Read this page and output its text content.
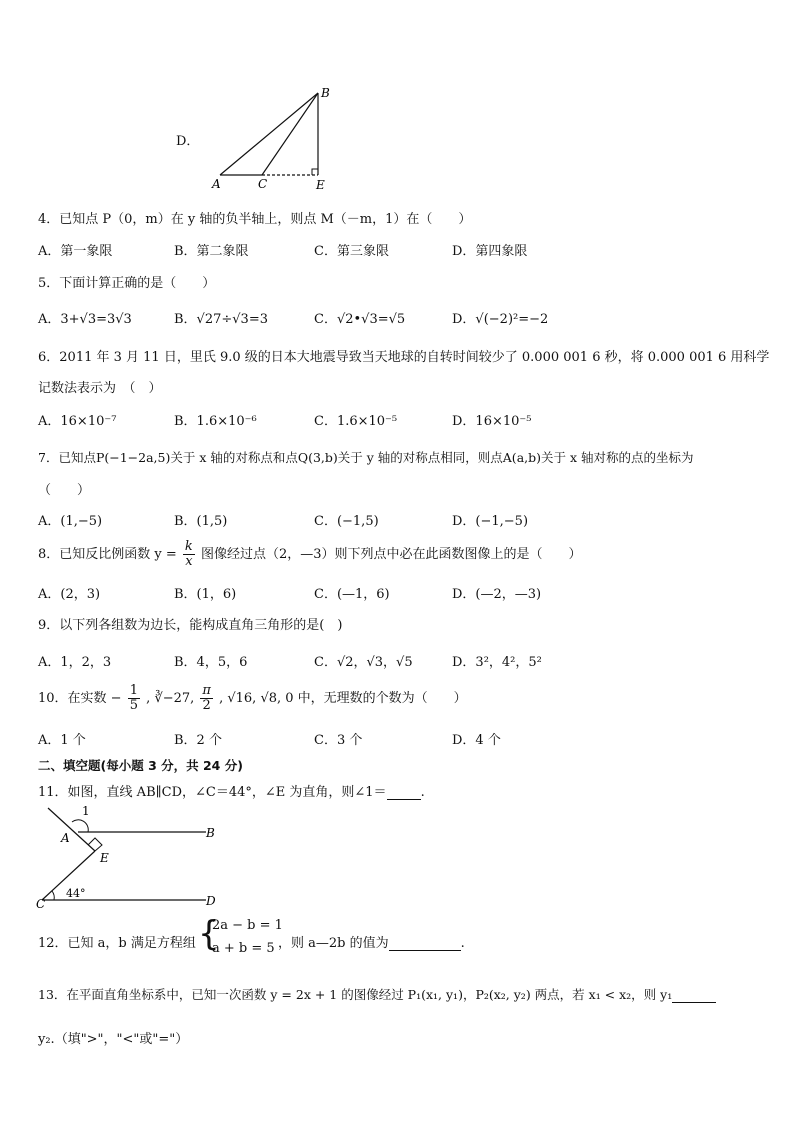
D．
A	C	E
B
4．已知点 P（0，m）在 y 轴的负半轴上，则点 M（－m，1）在（　　）
A．第一象限	B．第二象限	C．第三象限	D．第四象限
5．下面计算正确的是（　　）
A．3+√3=3√3	B．√27÷√3=3	C．√2•√3=√5	D．√(−2)²=−2
6．2011 年 3 月 11 日，里氏 9.0 级的日本大地震导致当天地球的自转时间较少了 0.000 001 6 秒，将 0.000 001 6 用科学
记数法表示为　（　）
A．16×10⁻⁷	B．1.6×10⁻⁶	C．1.6×10⁻⁵	D．16×10⁻⁵
7．已知点P(−1−2a,5)关于 x 轴的对称点和点Q(3,b)关于 y 轴的对称点相同，则点A(a,b)关于 x 轴对称的点的坐标为
（　　）
A．(1,−5)	B．(1,5)	C．(−1,5)	D．(−1,−5)
8．已知反比例函数 $y = \frac{k}{x}$ 图像经过点（2，—3）则下列点中必在此函数图像上的是（　　）
A．(2，3)	B．(1，6)	C．(—1，6)	D．(—2，—3)
9．以下列各组数为边长，能构成直角三角形的是(　)
A．1，2，3	B．4，5，6	C．√2，√3，√5	D．3²，4²，5²
10．在实数 − $\frac{1}{5}$ , ∛−27, $\frac{\pi}{2}$ , √16, √8, 0 中，无理数的个数为（　　）
A．1 个	B．2 个	C．3 个	D．4 个
二、填空题(每小题 3 分，共 24 分)
11．如图，直线 AB∥CD，∠C＝44°，∠E 为直角，则∠1＝	.
1
A	B
E
C	D
44°
12．已知 a，b 满足方程组 {
2a − b = 1
a + b = 5 ，则 a—2b 的值为	.
13．在平面直角坐标系中，已知一次函数 y = 2x + 1 的图像经过 P₁(x₁, y₁)，P₂(x₂, y₂) 两点，若 x₁ < x₂，则 y₁
y₂.（填">"，"<"或"="）
